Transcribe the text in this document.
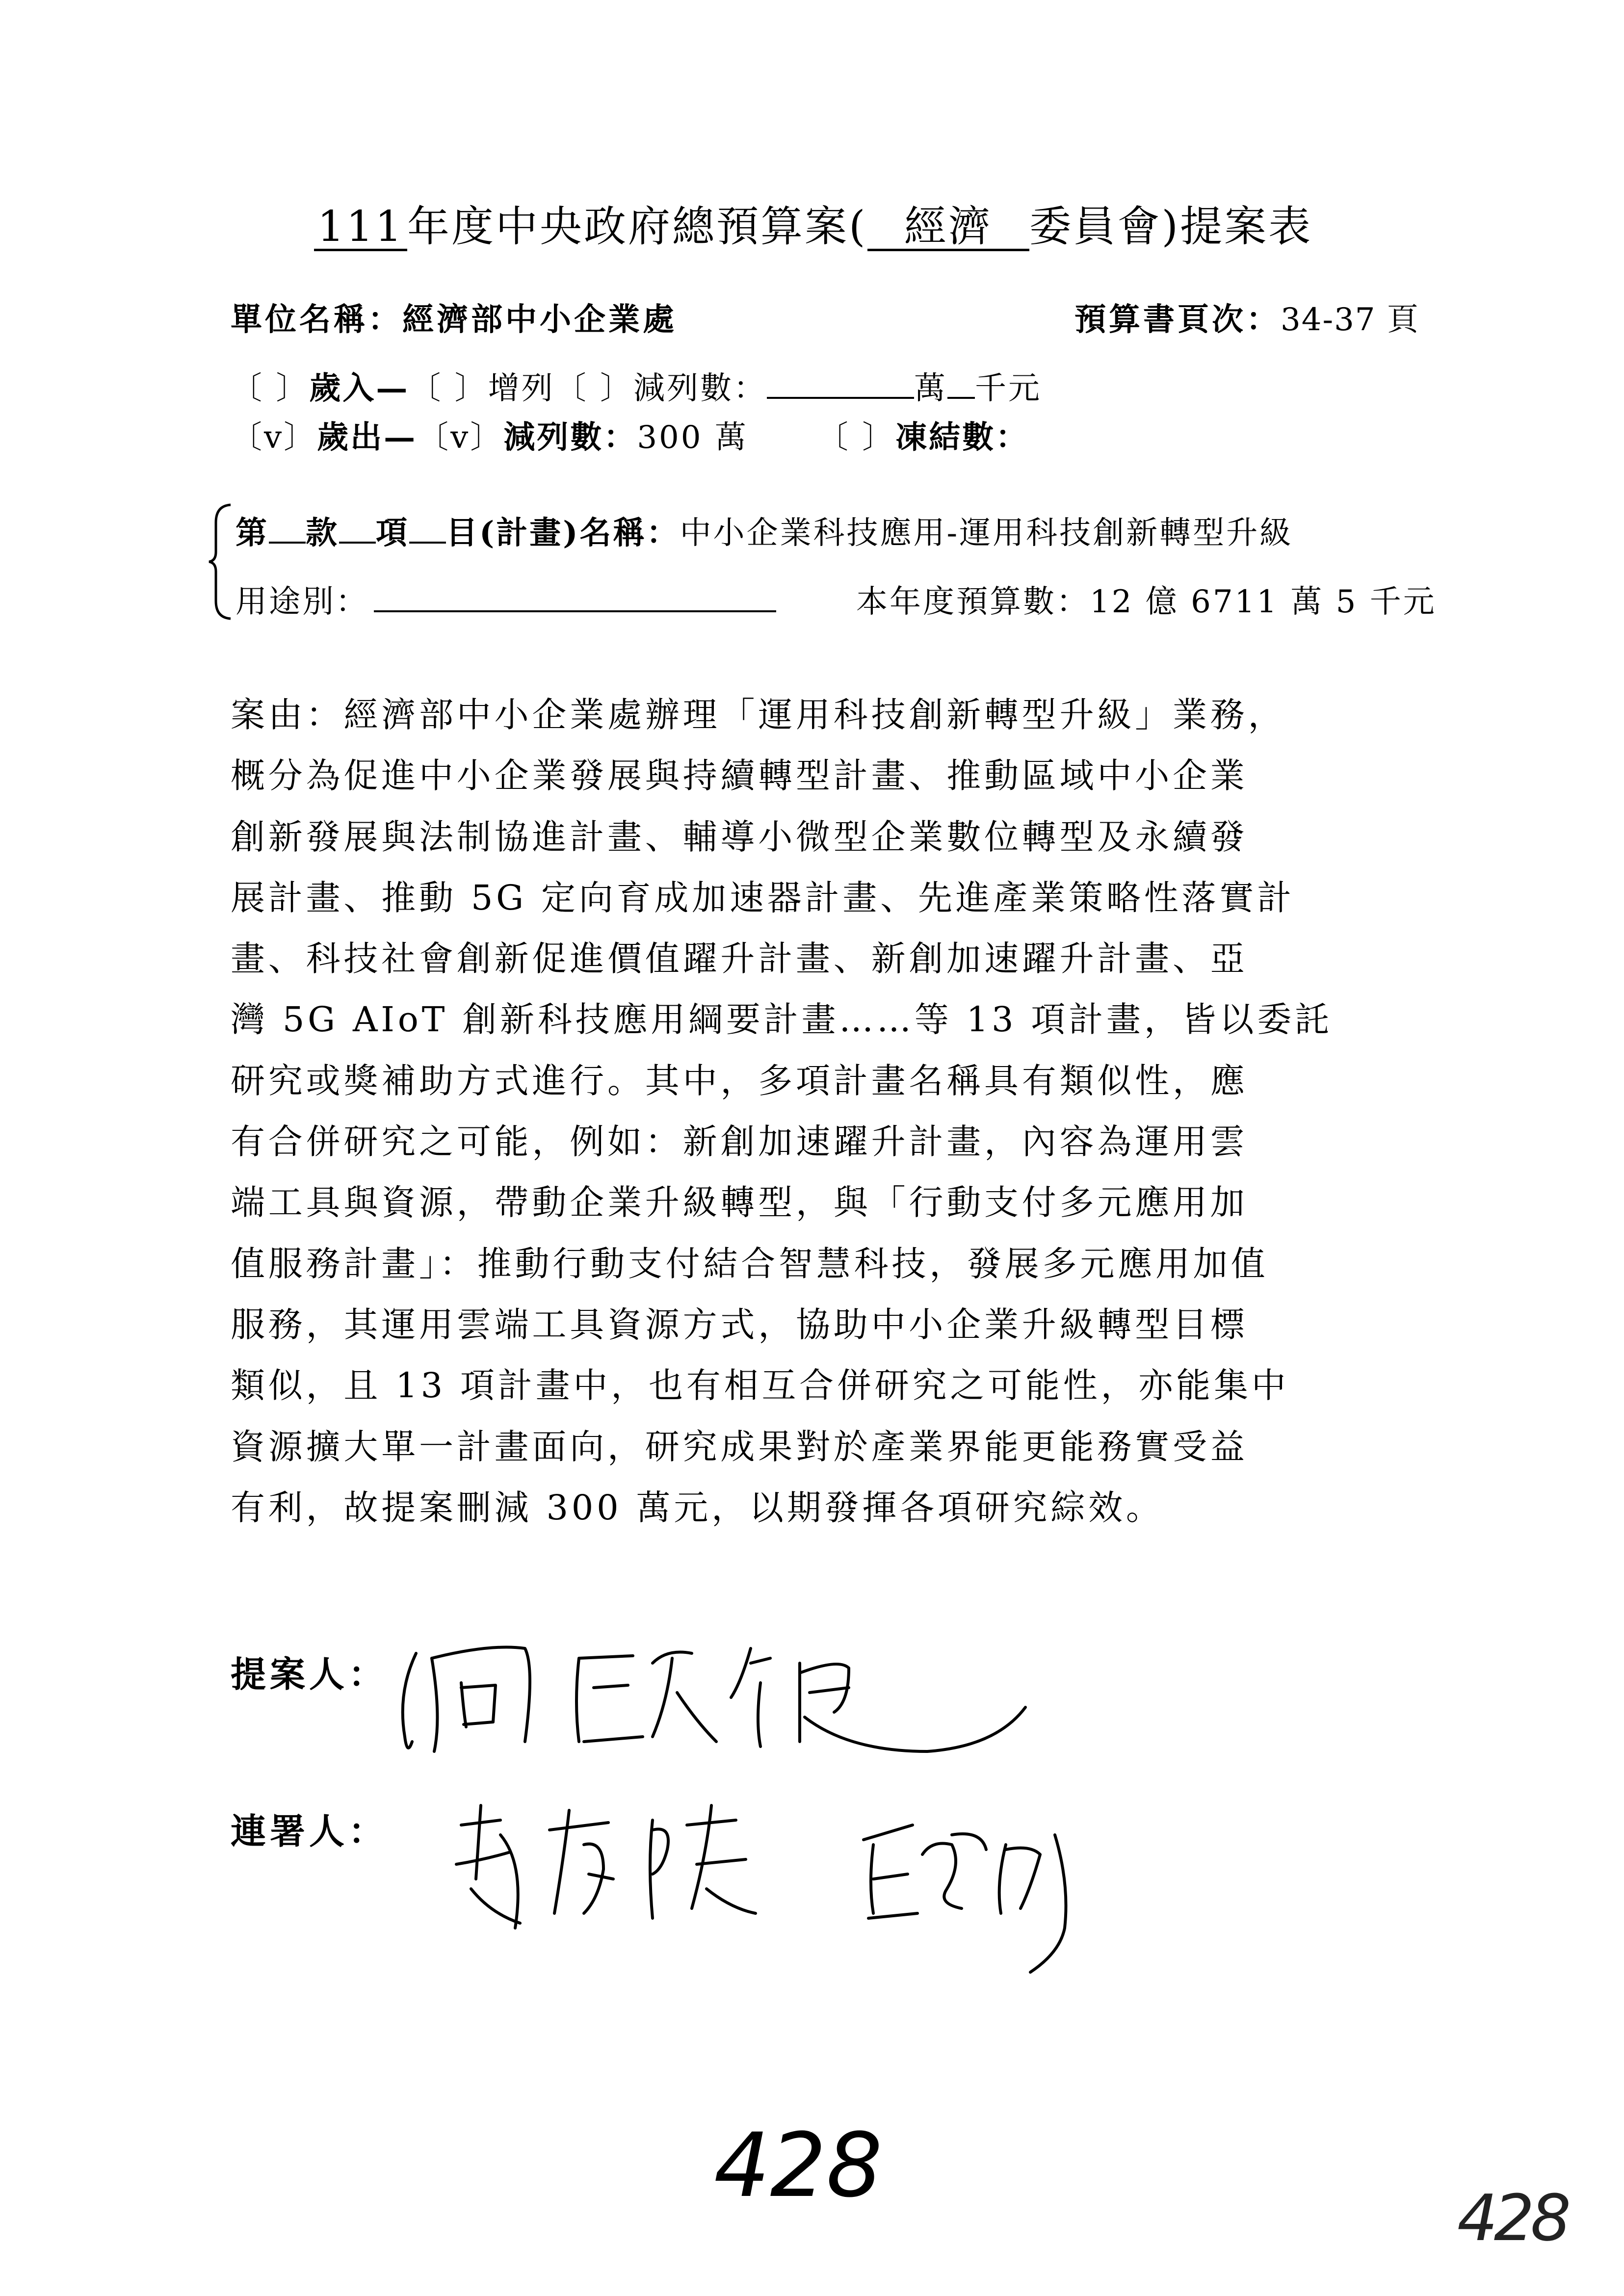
111年度中央政府總預算案( 經濟 委員會)提案表
單位名稱：經濟部中小企業處	預算書頁次：34-37 頁
〔 〕歲入—〔 〕增列〔 〕減列數：	萬 千元
〔v〕歲出—〔v〕減列數：300 萬 〔 〕凍結數：
第 款 項 目(計畫)名稱：中小企業科技應用-運用科技創新轉型升級
用途別：	本年度預算數：12 億 6711 萬 5 千元
案由：經濟部中小企業處辦理「運用科技創新轉型升級」業務，
概分為促進中小企業發展與持續轉型計畫、推動區域中小企業
創新發展與法制協進計畫、輔導小微型企業數位轉型及永續發
展計畫、推動 5G 定向育成加速器計畫、先進產業策略性落實計
畫、科技社會創新促進價值躍升計畫、新創加速躍升計畫、亞
灣 5G AIoT 創新科技應用綱要計畫……等 13 項計畫，皆以委託
研究或獎補助方式進行。其中，多項計畫名稱具有類似性，應
有合併研究之可能，例如：新創加速躍升計畫，內容為運用雲
端工具與資源，帶動企業升級轉型，與「行動支付多元應用加
值服務計畫」：推動行動支付結合智慧科技，發展多元應用加值
服務，其運用雲端工具資源方式，協助中小企業升級轉型目標
類似，且 13 項計畫中，也有相互合併研究之可能性，亦能集中
資源擴大單一計畫面向，研究成果對於產業界能更能務實受益
有利，故提案刪減 300 萬元，以期發揮各項研究綜效。
提案人：
連署人：
428
428
